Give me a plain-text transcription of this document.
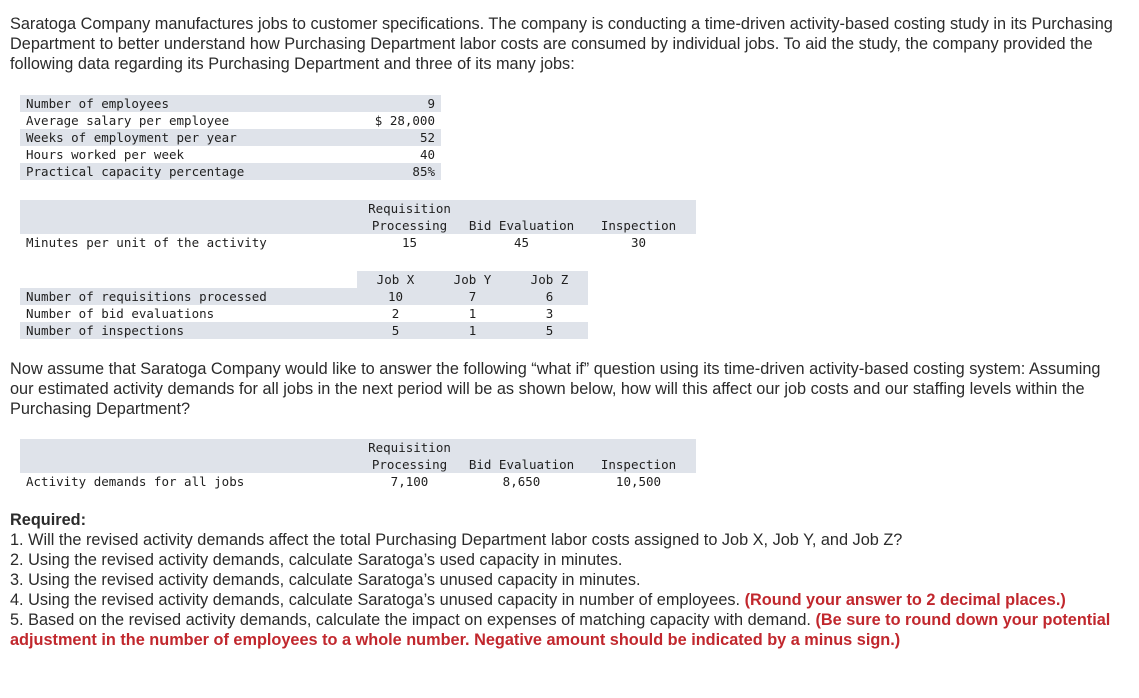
Saratoga Company manufactures jobs to customer specifications. The company is conducting a time-driven activity-based costing study in its Purchasing Department to better understand how Purchasing Department labor costs are consumed by individual jobs. To aid the study, the company provided the following data regarding its Purchasing Department and three of its many jobs:

Number of employees	9
Average salary per employee	$ 28,000
Weeks of employment per year	52
Hours worked per week	40
Practical capacity percentage	85%
	Requisition		
	Processing	Bid Evaluation	Inspection
Minutes per unit of the activity	15	45	30
	Job X	Job Y	Job Z
Number of requisitions processed	10	7	6
Number of bid evaluations	2	1	3
Number of inspections	5	1	5

Now assume that Saratoga Company would like to answer the following “what if” question using its time-driven activity-based costing system: Assuming our estimated activity demands for all jobs in the next period will be as shown below, how will this affect our job costs and our staffing levels within the Purchasing Department?

	Requisition		
	Processing	Bid Evaluation	Inspection
Activity demands for all jobs	7,100	8,650	10,500

Required:

1. Will the revised activity demands affect the total Purchasing Department labor costs assigned to Job X, Job Y, and Job Z?

2. Using the revised activity demands, calculate Saratoga’s used capacity in minutes.

3. Using the revised activity demands, calculate Saratoga’s unused capacity in minutes.

4. Using the revised activity demands, calculate Saratoga’s unused capacity in number of employees. (Round your answer to 2 decimal places.)

5. Based on the revised activity demands, calculate the impact on expenses of matching capacity with demand. (Be sure to round down your potential adjustment in the number of employees to a whole number. Negative amount should be indicated by a minus sign.)
